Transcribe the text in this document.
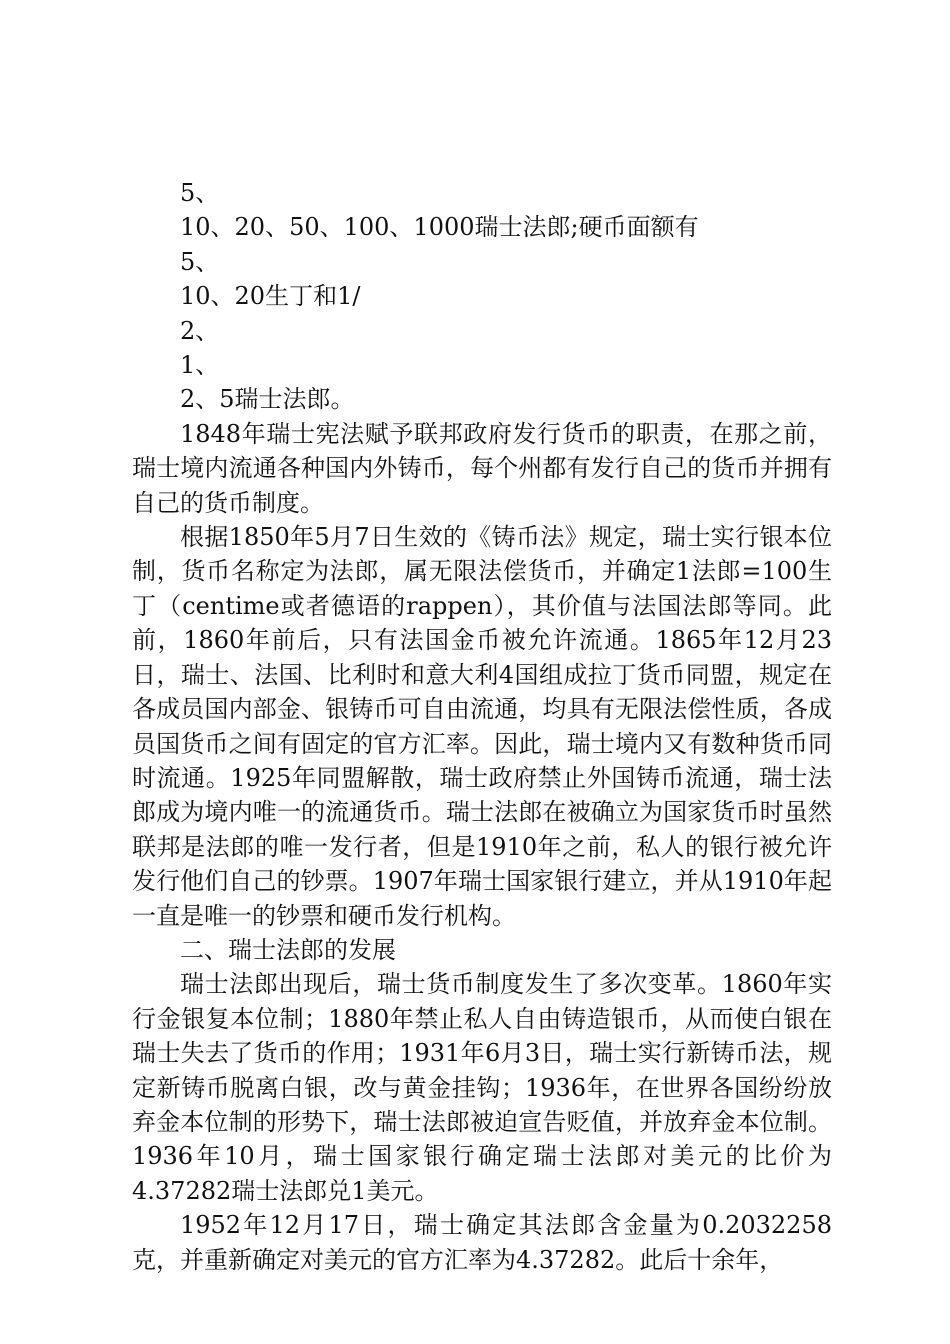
5、

10、20、50、100、1000瑞士法郎;硬币面额有

5、

10、20生丁和1/

2、

1、

2、5瑞士法郎。

1848年瑞士宪法赋予联邦政府发行货币的职责，在那之前，瑞士境内流通各种国内外铸币，每个州都有发行自己的货币并拥有自己的货币制度。

根据1850年5月7日生效的《铸币法》规定，瑞士实行银本位制，货币名称定为法郎，属无限法偿货币，并确定1法郎=100生丁（centime或者德语的rappen），其价值与法国法郎等同。此前，1860年前后，只有法国金币被允许流通。1865年12月23日，瑞士、法国、比利时和意大利4国组成拉丁货币同盟，规定在各成员国内部金、银铸币可自由流通，均具有无限法偿性质，各成员国货币之间有固定的官方汇率。因此，瑞士境内又有数种货币同时流通。1925年同盟解散，瑞士政府禁止外国铸币流通，瑞士法郎成为境内唯一的流通货币。瑞士法郎在被确立为国家货币时虽然联邦是法郎的唯一发行者，但是1910年之前，私人的银行被允许发行他们自己的钞票。1907年瑞士国家银行建立，并从1910年起一直是唯一的钞票和硬币发行机构。

二、瑞士法郎的发展

瑞士法郎出现后，瑞士货币制度发生了多次变革。1860年实行金银复本位制；1880年禁止私人自由铸造银币，从而使白银在瑞士失去了货币的作用；1931年6月3日，瑞士实行新铸币法，规定新铸币脱离白银，改与黄金挂钩；1936年，在世界各国纷纷放弃金本位制的形势下，瑞士法郎被迫宣告贬值，并放弃金本位制。1936年10月，瑞士国家银行确定瑞士法郎对美元的比价为4.37282瑞士法郎兑1美元。

1952年12月17日，瑞士确定其法郎含金量为0.2032258克，并重新确定对美元的官方汇率为4.37282。此后十余年，
